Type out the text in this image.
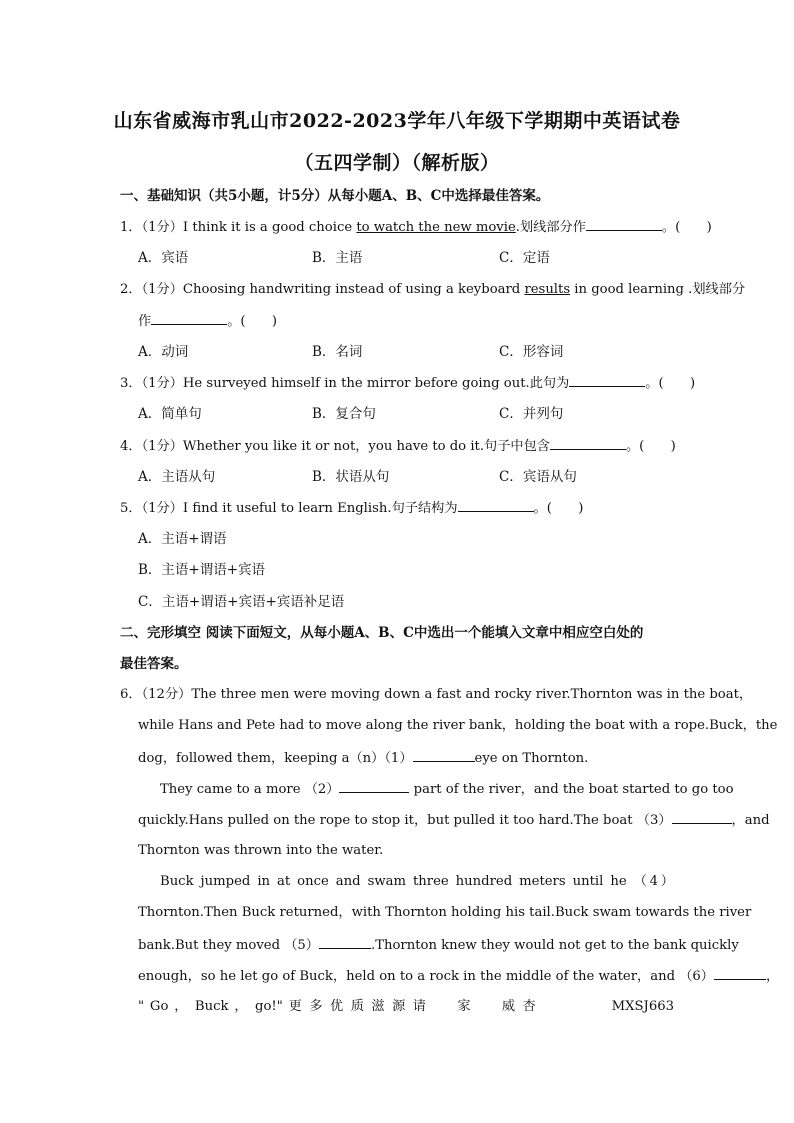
山东省威海市乳山市2022-2023学年八年级下学期期中英语试卷
（五四学制）（解析版）
一、基础知识（共5小题，计5分）从每小题A、B、C中选择最佳答案。
1．（1分）I think it is a good choice to watch the new movie.划线部分作	。(　　)
A．宾语	B．主语	C．定语
2．（1分）Choosing handwriting instead of using a keyboard results in good learning .划线部分
作	。(　　)
A．动词	B．名词	C．形容词
3．（1分）He surveyed himself in the mirror before going out.此句为	。(　　)
A．简单句	B．复合句	C．并列句
4．（1分）Whether you like it or not，you have to do it.句子中包含	。(　　)
A．主语从句	B．状语从句	C．宾语从句
5．（1分）I find it useful to learn English.句子结构为	。(　　)
A．主语+谓语
B．主语+谓语+宾语
C．主语+谓语+宾语+宾语补足语
二、完形填空 阅读下面短文，从每小题A、B、C中选出一个能填入文章中相应空白处的
最佳答案。
6．（12分）The three men were moving down a fast and rocky river.Thornton was in the boat，
while Hans and Pete had to move along the river bank，holding the boat with a rope.Buck，the
dog，followed them，keeping a（n）（1）	eye on Thornton.
They came to a more （2）	part of the river，and the boat started to go too
quickly.Hans pulled on the rope to stop it，but pulled it too hard.The boat （3）	，and
Thornton was thrown into the water.
Buck jumped in at once and swam three hundred meters until he （4）
Thornton.Then Buck returned，with Thornton holding his tail.Buck swam towards the river
bank.But they moved （5）	.Thornton knew they would not get to the bank quickly
enough，so he let go of Buck，held on to a rock in the middle of the water，and （6）	，
" Go ， Buck ， go!" 更 多 优 质 滋 源 请　　家　　威 杏　　　　　MXSJ663
